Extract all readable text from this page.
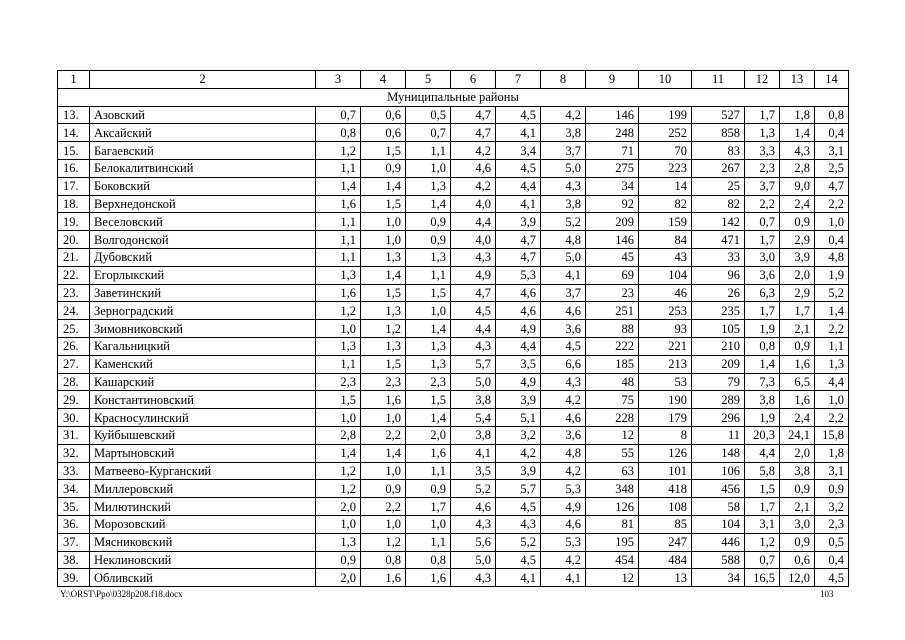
1	2	3	4	5	6	7	8	9	10	11	12	13	14
Муниципальные районы													
13.	Азовский	0,7	0,6	0,5	4,7	4,5	4,2	146	199	527	1,7	1,8	0,8
14.	Аксайский	0,8	0,6	0,7	4,7	4,1	3,8	248	252	858	1,3	1,4	0,4
15.	Багаевский	1,2	1,5	1,1	4,2	3,4	3,7	71	70	83	3,3	4,3	3,1
16.	Белокалитвинский	1,1	0,9	1,0	4,6	4,5	5,0	275	223	267	2,3	2,8	2,5
17.	Боковский	1,4	1,4	1,3	4,2	4,4	4,3	34	14	25	3,7	9,0	4,7
18.	Верхнедонской	1,6	1,5	1,4	4,0	4,1	3,8	92	82	82	2,2	2,4	2,2
19.	Веселовский	1,1	1,0	0,9	4,4	3,9	5,2	209	159	142	0,7	0,9	1,0
20.	Волгодонской	1,1	1,0	0,9	4,0	4,7	4,8	146	84	471	1,7	2,9	0,4
21.	Дубовский	1,1	1,3	1,3	4,3	4,7	5,0	45	43	33	3,0	3,9	4,8
22.	Егорлыкский	1,3	1,4	1,1	4,9	5,3	4,1	69	104	96	3,6	2,0	1,9
23.	Заветинский	1,6	1,5	1,5	4,7	4,6	3,7	23	46	26	6,3	2,9	5,2
24.	Зерноградский	1,2	1,3	1,0	4,5	4,6	4,6	251	253	235	1,7	1,7	1,4
25.	Зимовниковский	1,0	1,2	1,4	4,4	4,9	3,6	88	93	105	1,9	2,1	2,2
26.	Кагальницкий	1,3	1,3	1,3	4,3	4,4	4,5	222	221	210	0,8	0,9	1,1
27.	Каменский	1,1	1,5	1,3	5,7	3,5	6,6	185	213	209	1,4	1,6	1,3
28.	Кашарский	2,3	2,3	2,3	5,0	4,9	4,3	48	53	79	7,3	6,5	4,4
29.	Константиновский	1,5	1,6	1,5	3,8	3,9	4,2	75	190	289	3,8	1,6	1,0
30.	Красносулинский	1,0	1,0	1,4	5,4	5,1	4,6	228	179	296	1,9	2,4	2,2
31.	Куйбышевский	2,8	2,2	2,0	3,8	3,2	3,6	12	8	11	20,3	24,1	15,8
32.	Мартыновский	1,4	1,4	1,6	4,1	4,2	4,8	55	126	148	4,4	2,0	1,8
33.	Матвеево-Курганский	1,2	1,0	1,1	3,5	3,9	4,2	63	101	106	5,8	3,8	3,1
34.	Миллеровский	1,2	0,9	0,9	5,2	5,7	5,3	348	418	456	1,5	0,9	0,9
35.	Милютинский	2,0	2,2	1,7	4,6	4,5	4,9	126	108	58	1,7	2,1	3,2
36.	Морозовский	1,0	1,0	1,0	4,3	4,3	4,6	81	85	104	3,1	3,0	2,3
37.	Мясниковский	1,3	1,2	1,1	5,6	5,2	5,3	195	247	446	1,2	0,9	0,5
38.	Неклиновский	0,9	0,8	0,8	5,0	4,5	4,2	454	484	588	0,7	0,6	0,4
39.	Обливский	2,0	1,6	1,6	4,3	4,1	4,1	12	13	34	16,5	12,0	4,5
Y:\ORST\Ppo\0328p208.f18.docx	103
